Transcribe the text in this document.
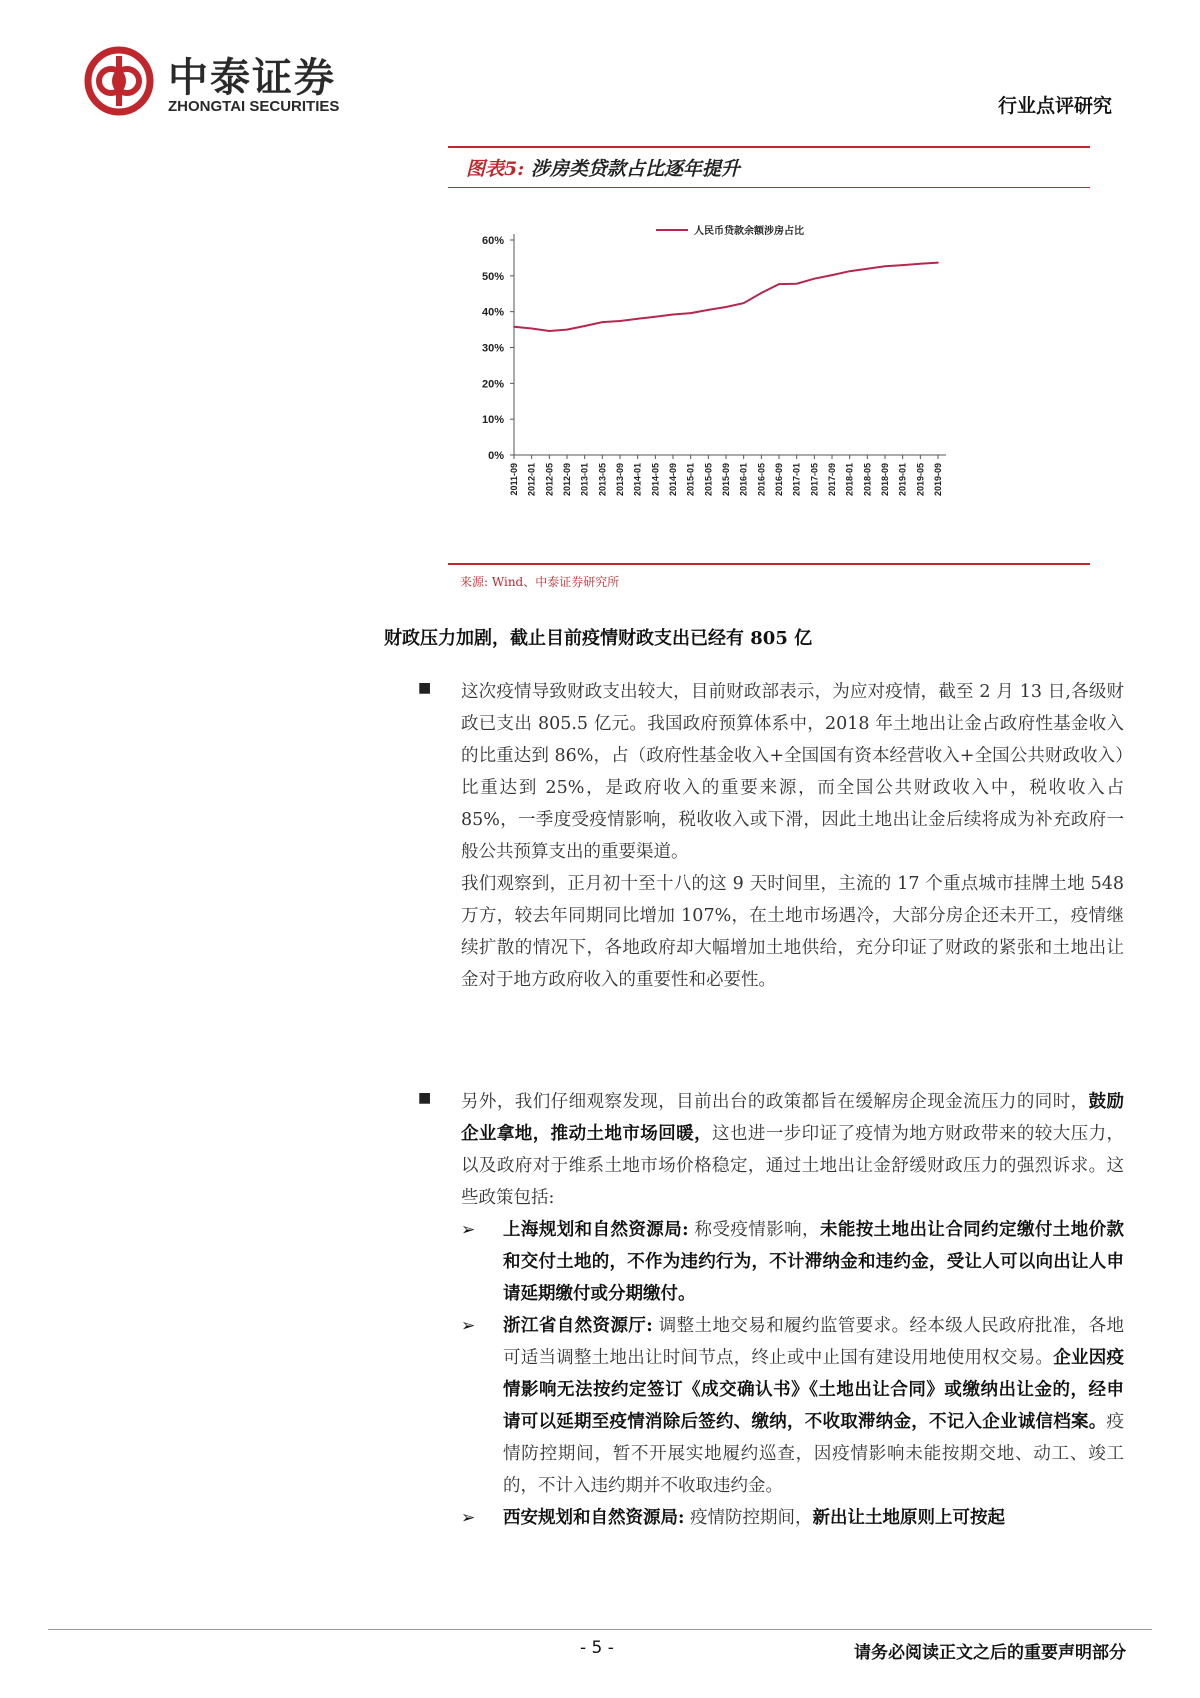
中泰证券
ZHONGTAI SECURITIES	行业点评研究
图表5: 涉房类贷款占比逐年提升
0%
10%
20%
30%
40%
50%
60%
2011-09 2012-01 2012-05 2012-09 2013-01 2013-05 2013-09 2014-01 2014-05 2014-09 2015-01 2015-05 2015-09 2016-01 2016-05 2016-09 2017-01 2017-05 2017-09 2018-01 2018-05 2018-09 2019-01 2019-05 2019-09
人民币贷款余额涉房占比
来源: Wind、中泰证券研究所
财政压力加剧，截止目前疫情财政支出已经有 805 亿
■ 这次疫情导致财政支出较大，目前财政部表示，为应对疫情，截至 2 月 13 日,各级财政已支出 805.5 亿元。我国政府预算体系中，2018 年土地出让金占政府性基金收入的比重达到 86%，占（政府性基金收入+全国国有资本经营收入+全国公共财政收入）比重达到 25%，是政府收入的重要来源，而全国公共财政收入中，税收收入占 85%，一季度受疫情影响，税收收入或下滑，因此土地出让金后续将成为补充政府一般公共预算支出的重要渠道。
我们观察到，正月初十至十八的这 9 天时间里，主流的 17 个重点城市挂牌土地 548 万方，较去年同期同比增加 107%，在土地市场遇冷，大部分房企还未开工，疫情继续扩散的情况下，各地政府却大幅增加土地供给，充分印证了财政的紧张和土地出让金对于地方政府收入的重要性和必要性。
■ 另外，我们仔细观察发现，目前出台的政策都旨在缓解房企现金流压力的同时，鼓励企业拿地，推动土地市场回暖，这也进一步印证了疫情为地方财政带来的较大压力，以及政府对于维系土地市场价格稳定，通过土地出让金舒缓财政压力的强烈诉求。这些政策包括:
➢ 上海规划和自然资源局: 称受疫情影响，未能按土地出让合同约定缴付土地价款和交付土地的，不作为违约行为，不计滞纳金和违约金，受让人可以向出让人申请延期缴付或分期缴付。
➢ 浙江省自然资源厅: 调整土地交易和履约监管要求。经本级人民政府批准，各地可适当调整土地出让时间节点，终止或中止国有建设用地使用权交易。企业因疫情影响无法按约定签订《成交确认书》《土地出让合同》或缴纳出让金的，经申请可以延期至疫情消除后签约、缴纳，不收取滞纳金，不记入企业诚信档案。疫情防控期间，暂不开展实地履约巡查，因疫情影响未能按期交地、动工、竣工的，不计入违约期并不收取违约金。
➢ 西安规划和自然资源局: 疫情防控期间，新出让土地原则上可按起
- 5 -	请务必阅读正文之后的重要声明部分
